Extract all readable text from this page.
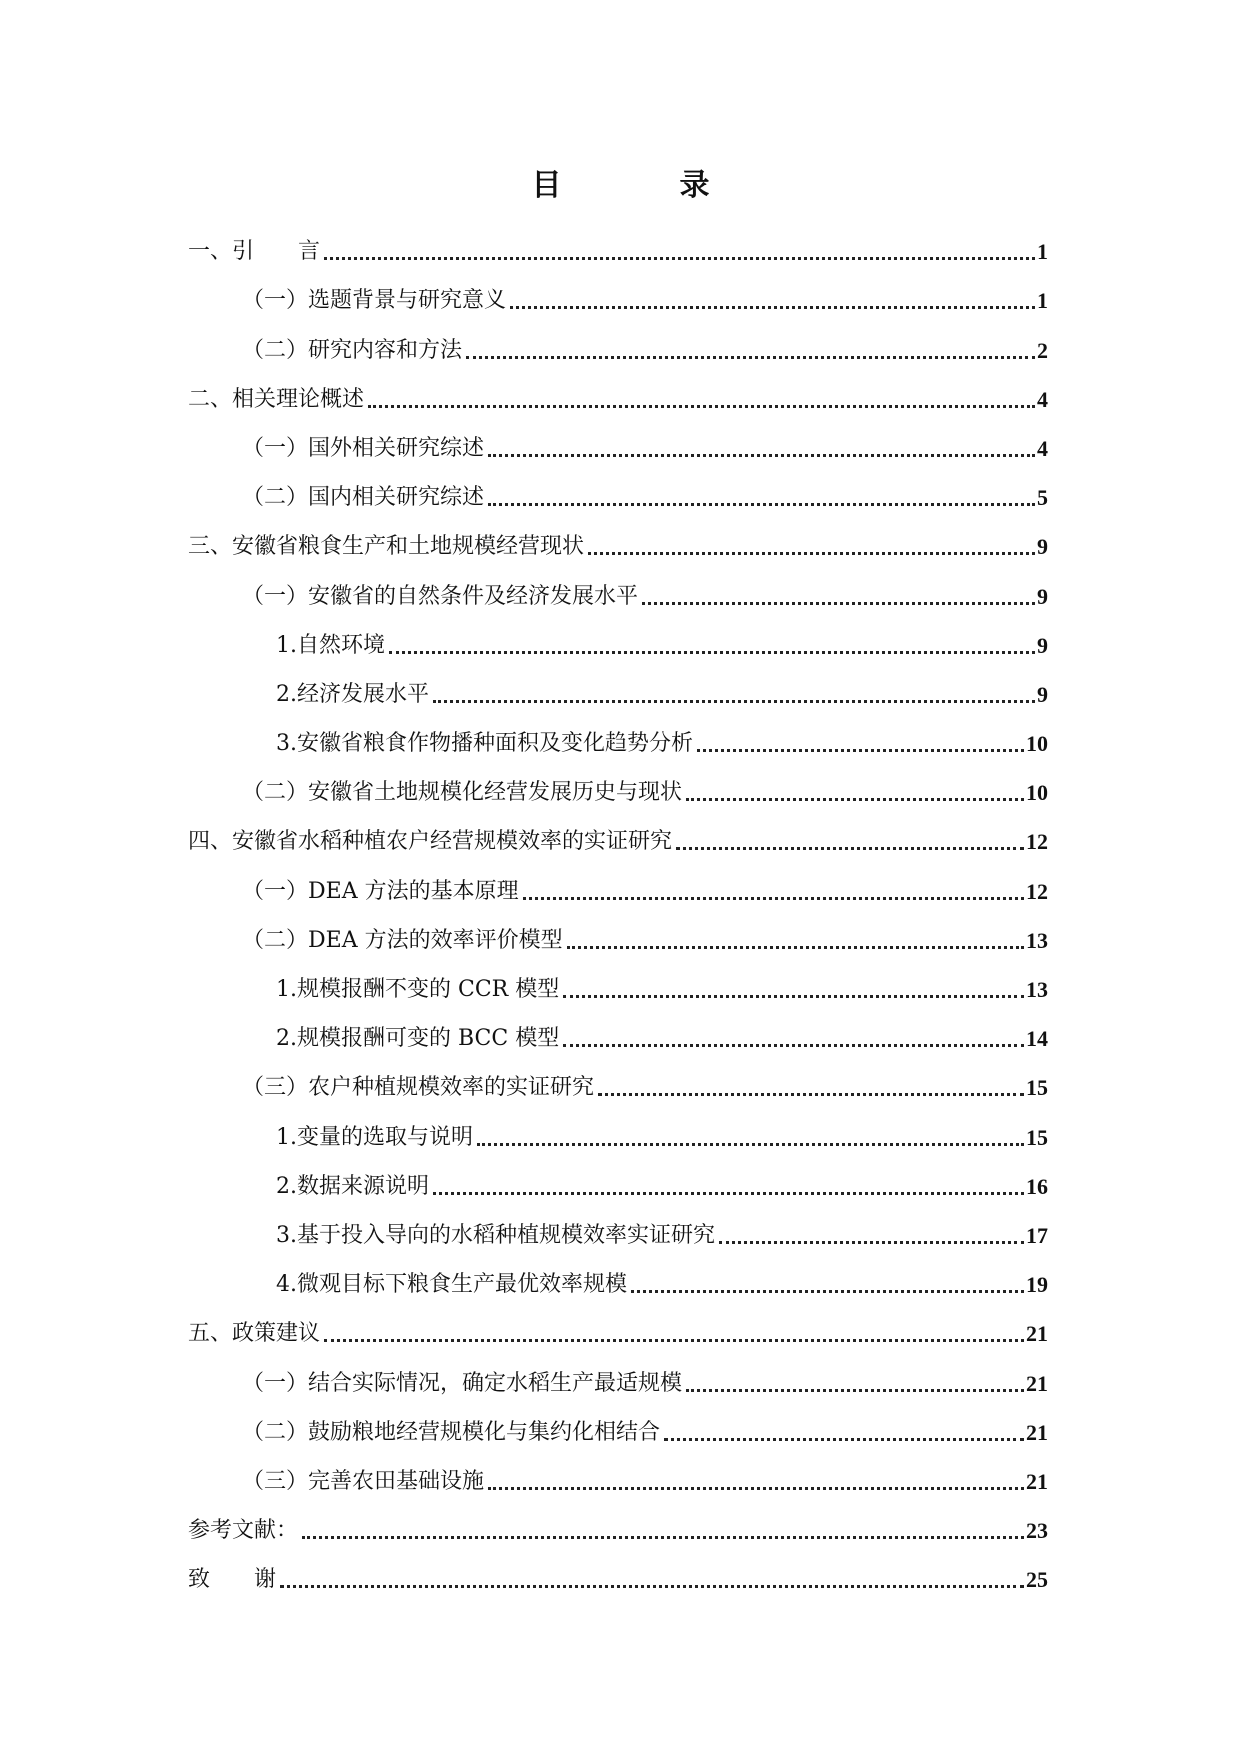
目　录
一、引　　言	1
（一）选题背景与研究意义	1
（二）研究内容和方法	2
二、相关理论概述	4
（一）国外相关研究综述	4
（二）国内相关研究综述	5
三、安徽省粮食生产和土地规模经营现状	9
（一）安徽省的自然条件及经济发展水平	9
1.自然环境	9
2.经济发展水平	9
3.安徽省粮食作物播种面积及变化趋势分析	10
（二）安徽省土地规模化经营发展历史与现状	10
四、安徽省水稻种植农户经营规模效率的实证研究	12
（一）DEA 方法的基本原理	12
（二）DEA 方法的效率评价模型	13
1.规模报酬不变的 CCR 模型	13
2.规模报酬可变的 BCC 模型	14
（三）农户种植规模效率的实证研究	15
1.变量的选取与说明	15
2.数据来源说明	16
3.基于投入导向的水稻种植规模效率实证研究	17
4.微观目标下粮食生产最优效率规模	19
五、政策建议	21
（一）结合实际情况，确定水稻生产最适规模	21
（二）鼓励粮地经营规模化与集约化相结合	21
（三）完善农田基础设施	21
参考文献：	23
致　　谢	25
